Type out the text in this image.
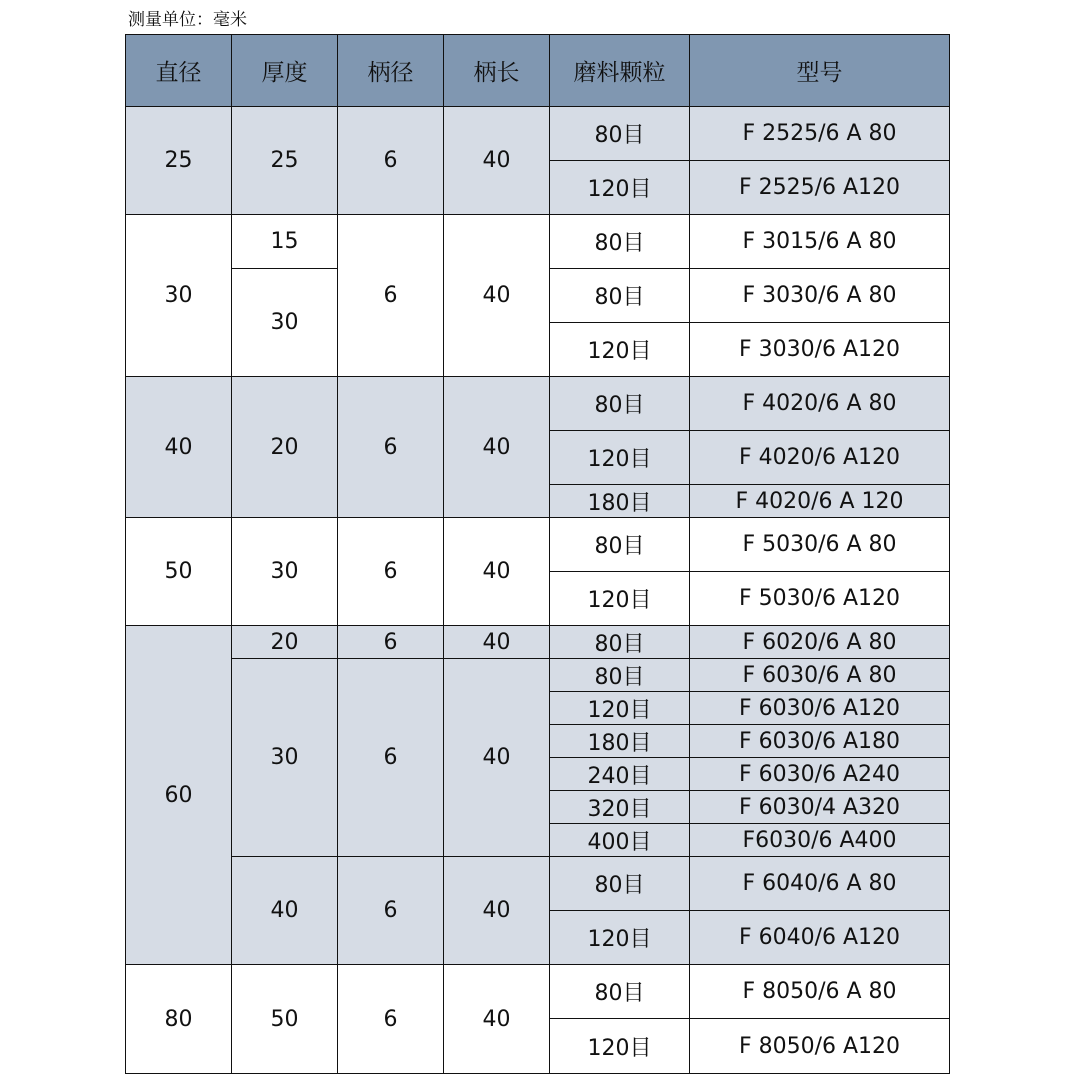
测量单位：毫米
直径	厚度	柄径	柄长	磨料颗粒	型号
25	25	6	40	80目	F 2525/6 A 80
				120目	F 2525/6 A120
30	15	6	40	80目	F 3015/6 A 80
	30			80目	F 3030/6 A 80
				120目	F 3030/6 A120
40	20	6	40	80目	F 4020/6 A 80
				120目	F 4020/6 A120
				180目	F 4020/6 A 120
50	30	6	40	80目	F 5030/6 A 80
				120目	F 5030/6 A120
60	20	6	40	80目	F 6020/6 A 80
	30	6	40	80目	F 6030/6 A 80
				120目	F 6030/6 A120
				180目	F 6030/6 A180
				240目	F 6030/6 A240
				320目	F 6030/4 A320
				400目	F6030/6 A400
	40	6	40	80目	F 6040/6 A 80
				120目	F 6040/6 A120
80	50	6	40	80目	F 8050/6 A 80
				120目	F 8050/6 A120
